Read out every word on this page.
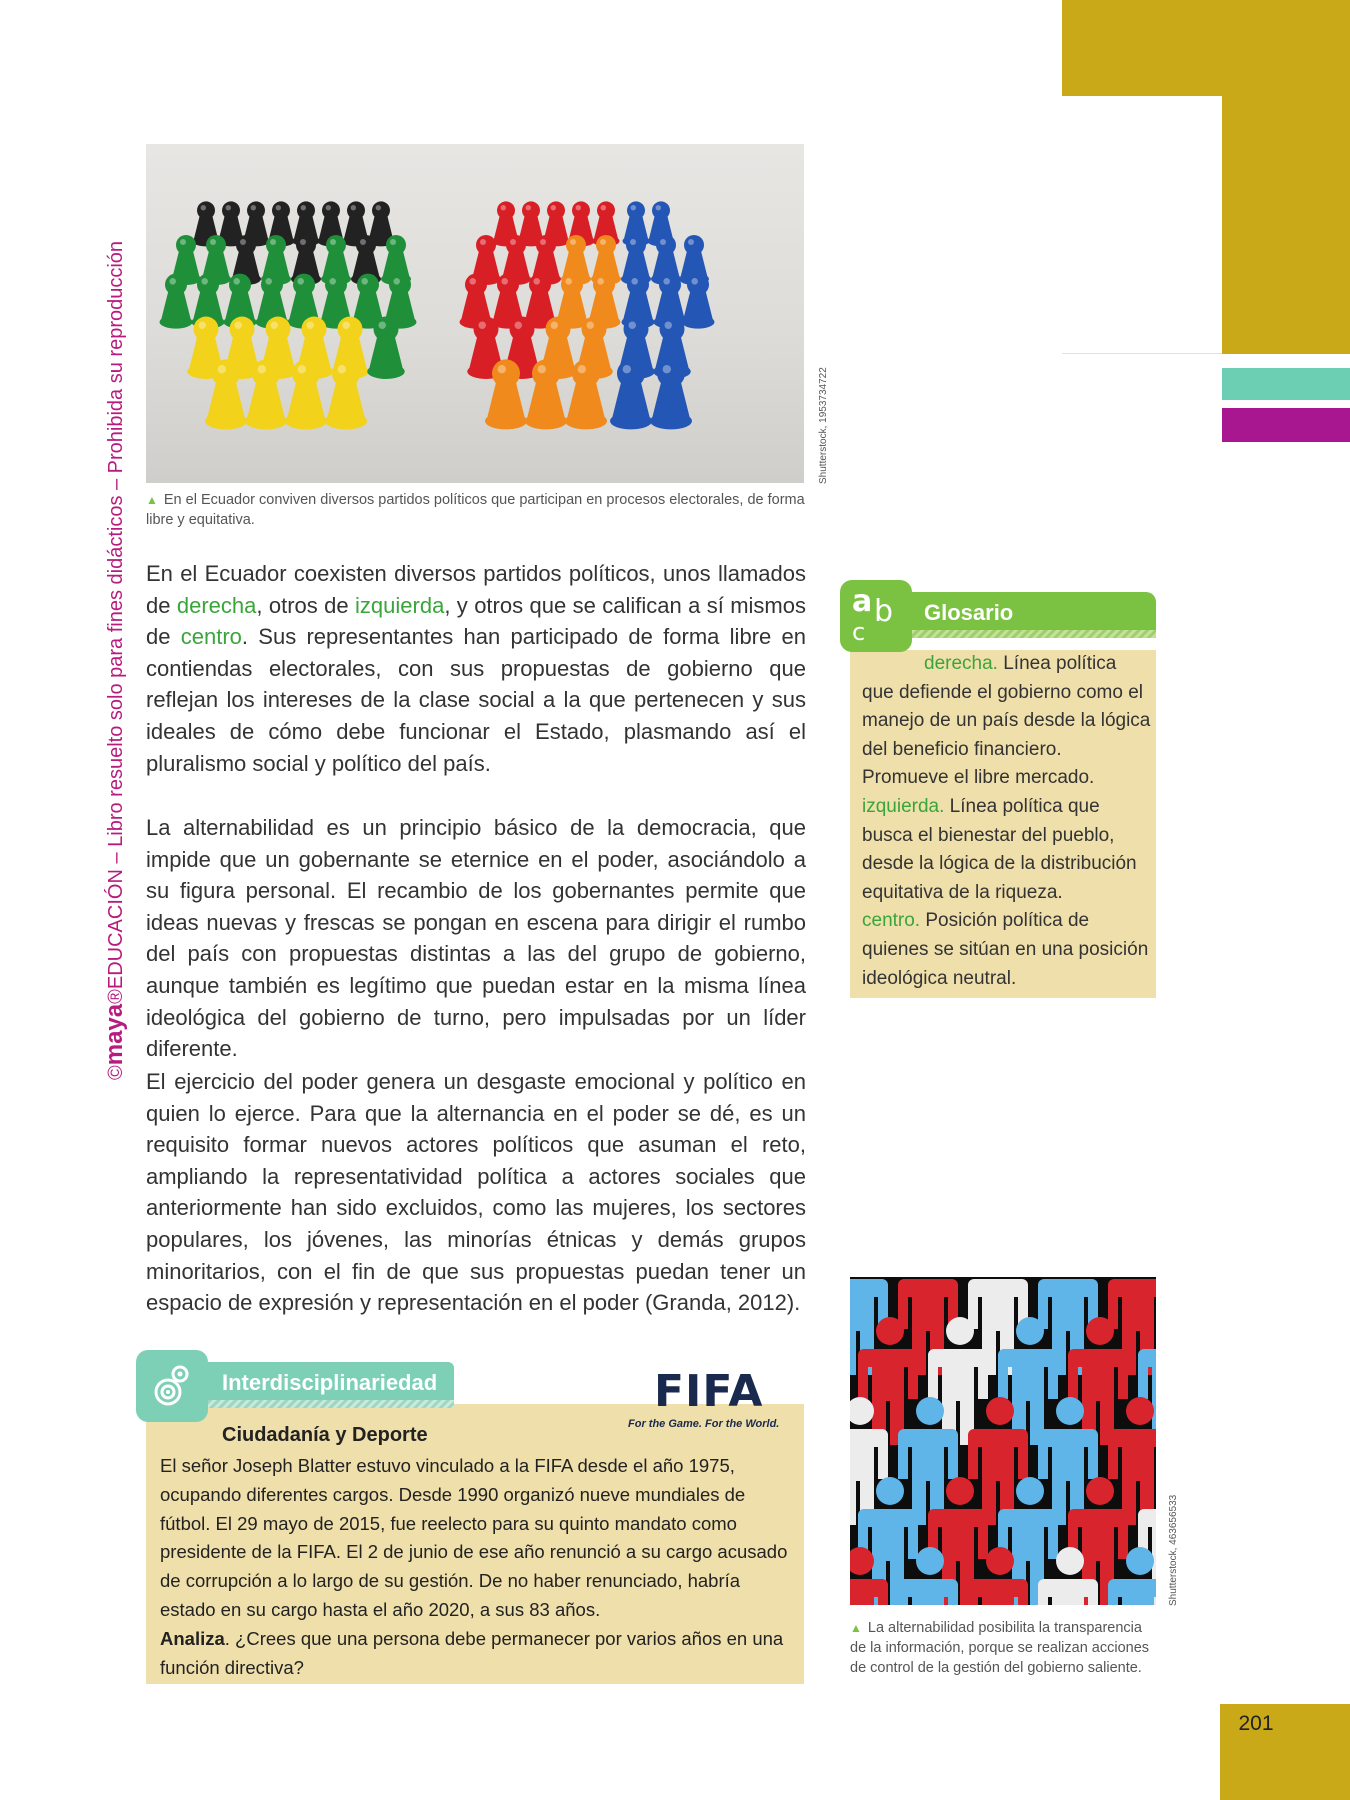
©maya®EDUCACIÓN – Libro resuelto solo para fines didácticos – Prohibida su reproducción	Shutterstock, 1953734722
▲ En el Ecuador conviven diversos partidos políticos que participan en procesos electorales, de forma libre y equitativa.
En el Ecuador coexisten diversos partidos políticos, unos llamados de derecha, otros de izquierda, y otros que se califican a sí mismos de centro. Sus representantes han participado de forma libre en contiendas electorales, con sus propuestas de gobierno que reflejan los intereses de la clase social a la que pertenecen y sus ideales de cómo debe funcionar el Estado, plasmando así el pluralismo social y político del país.
La alternabilidad es un principio básico de la democracia, que impide que un gobernante se eternice en el poder, asociándolo a su figura personal. El recambio de los gobernantes permite que ideas nuevas y frescas se pongan en escena para dirigir el rumbo del país con propuestas distintas a las del grupo de gobierno, aunque también es legítimo que puedan estar en la misma línea ideológica del gobierno de turno, pero impulsadas por un líder diferente.
El ejercicio del poder genera un desgaste emocional y político en quien lo ejerce. Para que la alternancia en el poder se dé, es un requisito formar nuevos actores políticos que asuman el reto, ampliando la representatividad política a actores sociales que anteriormente han sido excluidos, como las mujeres, los sectores populares, los jóvenes, las minorías étnicas y demás grupos minoritarios, con el fin de que sus propuestas puedan tener un espacio de expresión y representación en el poder (Granda, 2012).
a b
c
Glosario
derecha. Línea política que defiende el gobierno como el manejo de un país desde la lógica del beneficio financiero. Promueve el libre mercado.
izquierda. Línea política que busca el bienestar del pueblo, desde la lógica de la distribución equitativa de la riqueza.
centro. Posición política de quienes se sitúan en una posición ideológica neutral.
Shutterstock, 463656533
▲ La alternabilidad posibilita la transparencia de la información, porque se realizan acciones de control de la gestión del gobierno saliente.
Interdisciplinariedad	FIFA
For the Game. For the World.
Ciudadanía y Deporte
El señor Joseph Blatter estuvo vinculado a la FIFA desde el año 1975, ocupando diferentes cargos. Desde 1990 organizó nueve mundiales de fútbol. El 29 mayo de 2015, fue reelecto para su quinto mandato como presidente de la FIFA. El 2 de junio de ese año renunció a su cargo acusado de corrupción a lo largo de su gestión. De no haber renunciado, habría estado en su cargo hasta el año 2020, a sus 83 años.
Analiza. ¿Crees que una persona debe permanecer por varios años en una función directiva?
201
